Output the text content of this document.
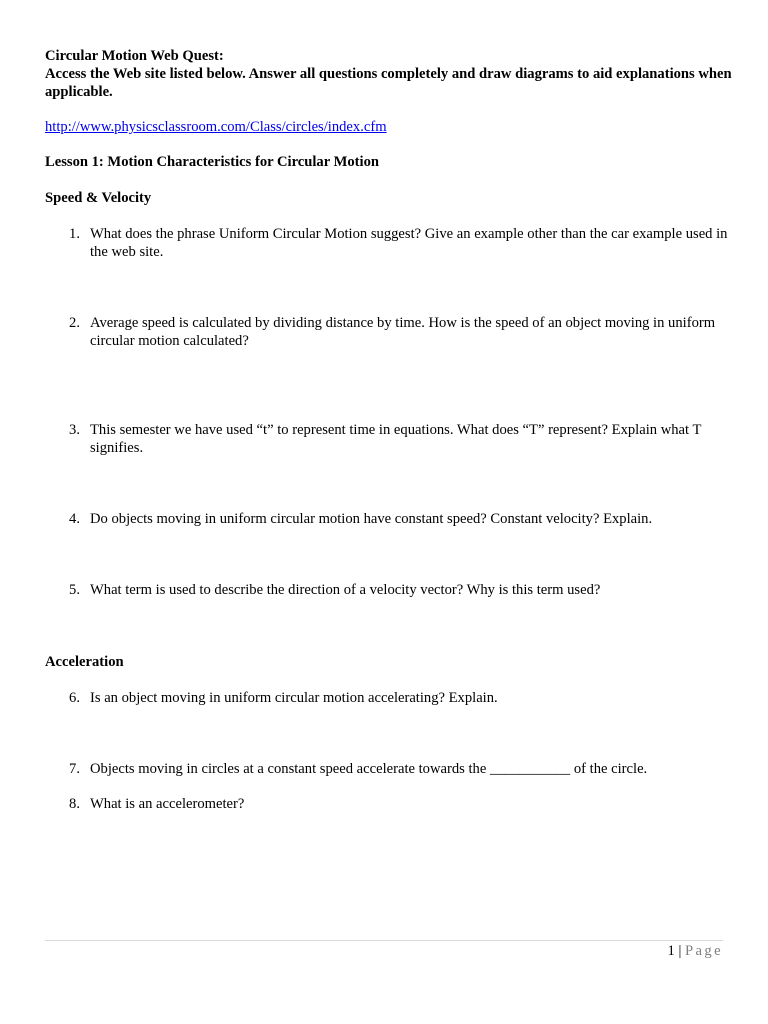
Circular Motion Web Quest:
Access the Web site listed below. Answer all questions completely and draw diagrams to aid explanations when applicable.
http://www.physicsclassroom.com/Class/circles/index.cfm
Lesson 1: Motion Characteristics for Circular Motion
Speed & Velocity
1. What does the phrase Uniform Circular Motion suggest? Give an example other than the car example used in the web site.
2. Average speed is calculated by dividing distance by time. How is the speed of an object moving in uniform circular motion calculated?
3. This semester we have used “t” to represent time in equations. What does “T” represent? Explain what T signifies.
4. Do objects moving in uniform circular motion have constant speed? Constant velocity? Explain.
5. What term is used to describe the direction of a velocity vector? Why is this term used?
Acceleration
6. Is an object moving in uniform circular motion accelerating? Explain.
7. Objects moving in circles at a constant speed accelerate towards the ___________ of the circle.
8. What is an accelerometer?
1 | Page
